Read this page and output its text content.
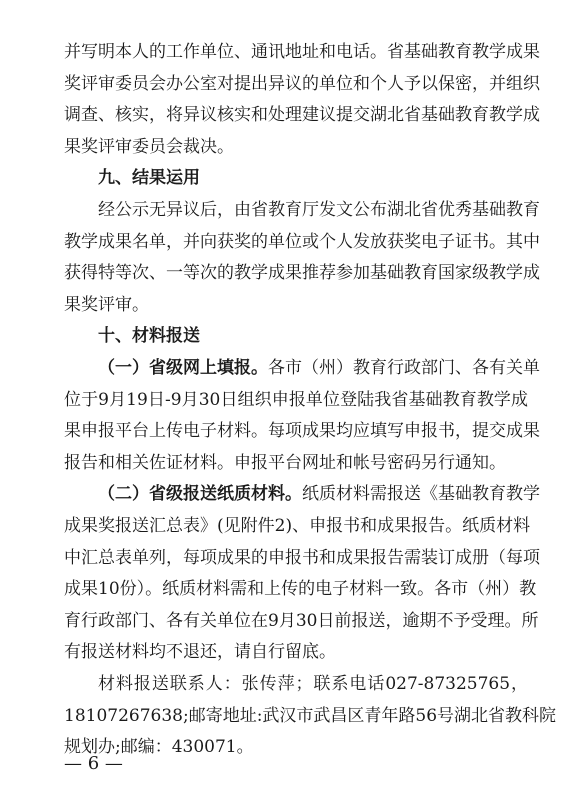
并写明本人的工作单位、通讯地址和电话。省基础教育教学成果
奖评审委员会办公室对提出异议的单位和个人予以保密，并组织
调查、核实，将异议核实和处理建议提交湖北省基础教育教学成
果奖评审委员会裁决。
九、结果运用
经公示无异议后，由省教育厅发文公布湖北省优秀基础教育
教学成果名单，并向获奖的单位或个人发放获奖电子证书。其中
获得特等次、一等次的教学成果推荐参加基础教育国家级教学成
果奖评审。
十、材料报送
（一）省级网上填报。各市（州）教育行政部门、各有关单
位于9月19日-9月30日组织申报单位登陆我省基础教育教学成
果申报平台上传电子材料。每项成果均应填写申报书，提交成果
报告和相关佐证材料。申报平台网址和帐号密码另行通知。
（二）省级报送纸质材料。纸质材料需报送《基础教育教学
成果奖报送汇总表》(见附件2)、申报书和成果报告。纸质材料
中汇总表单列，每项成果的申报书和成果报告需装订成册（每项
成果10份）。纸质材料需和上传的电子材料一致。各市（州）教
育行政部门、各有关单位在9月30日前报送，逾期不予受理。所
有报送材料均不退还，请自行留底。
材料报送联系人：张传萍；联系电话027-87325765，
18107267638;邮寄地址:武汉市武昌区青年路56号湖北省教科院
规划办;邮编：430071。
— 6 —
